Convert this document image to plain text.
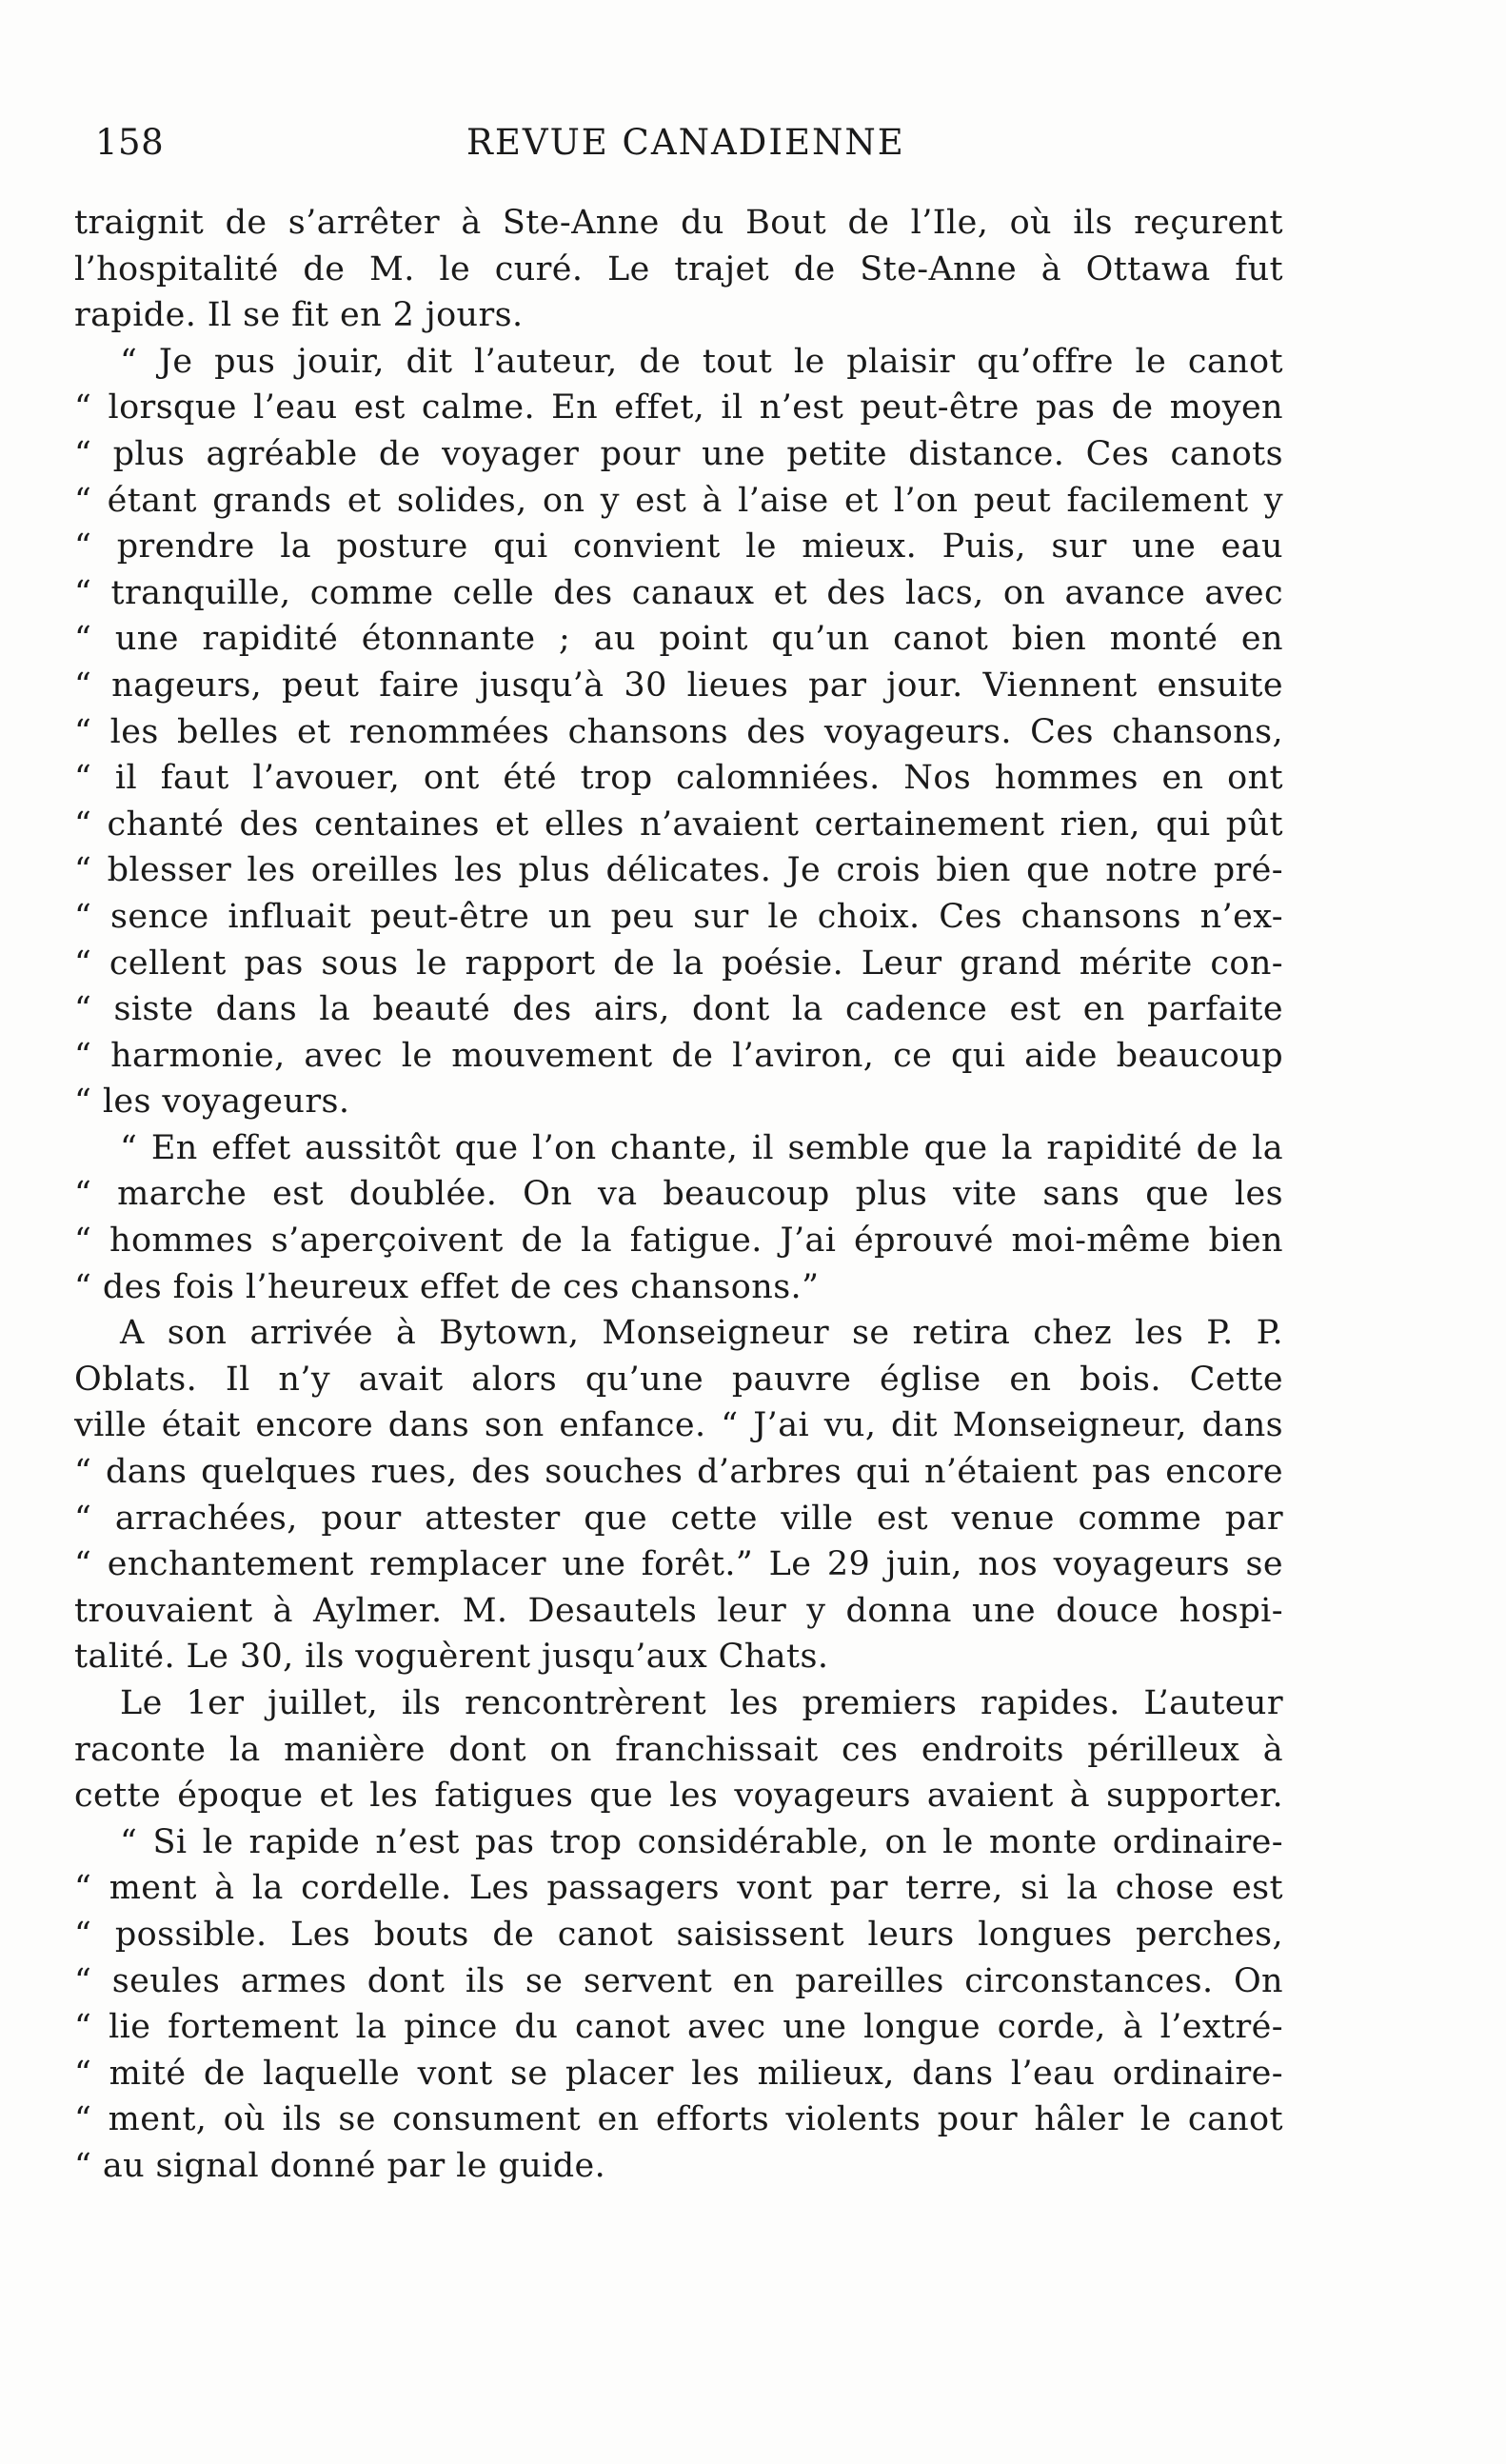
158	REVUE CANADIENNE
traignit de s’arrêter à Ste-Anne du Bout de l’Ile, où ils reçurent
l’hospitalité de M. le curé. Le trajet de Ste-Anne à Ottawa fut
rapide. Il se fit en 2 jours.
“ Je pus jouir, dit l’auteur, de tout le plaisir qu’offre le canot
“ lorsque l’eau est calme. En effet, il n’est peut-être pas de moyen
“ plus agréable de voyager pour une petite distance. Ces canots
“ étant grands et solides, on y est à l’aise et l’on peut facilement y
“ prendre la posture qui convient le mieux. Puis, sur une eau
“ tranquille, comme celle des canaux et des lacs, on avance avec
“ une rapidité étonnante ; au point qu’un canot bien monté en
“ nageurs, peut faire jusqu’à 30 lieues par jour. Viennent ensuite
“ les belles et renommées chansons des voyageurs. Ces chansons,
“ il faut l’avouer, ont été trop calomniées. Nos hommes en ont
“ chanté des centaines et elles n’avaient certainement rien, qui pût
“ blesser les oreilles les plus délicates. Je crois bien que notre pré-
“ sence influait peut-être un peu sur le choix. Ces chansons n’ex-
“ cellent pas sous le rapport de la poésie. Leur grand mérite con-
“ siste dans la beauté des airs, dont la cadence est en parfaite
“ harmonie, avec le mouvement de l’aviron, ce qui aide beaucoup
“ les voyageurs.
“ En effet aussitôt que l’on chante, il semble que la rapidité de la
“ marche est doublée. On va beaucoup plus vite sans que les
“ hommes s’aperçoivent de la fatigue. J’ai éprouvé moi-même bien
“ des fois l’heureux effet de ces chansons.”
A son arrivée à Bytown, Monseigneur se retira chez les P. P.
Oblats. Il n’y avait alors qu’une pauvre église en bois. Cette
ville était encore dans son enfance. “ J’ai vu, dit Monseigneur, dans
“ dans quelques rues, des souches d’arbres qui n’étaient pas encore
“ arrachées, pour attester que cette ville est venue comme par
“ enchantement remplacer une forêt.” Le 29 juin, nos voyageurs se
trouvaient à Aylmer. M. Desautels leur y donna une douce hospi-
talité. Le 30, ils voguèrent jusqu’aux Chats.
Le 1er juillet, ils rencontrèrent les premiers rapides. L’auteur
raconte la manière dont on franchissait ces endroits périlleux à
cette époque et les fatigues que les voyageurs avaient à supporter.
“ Si le rapide n’est pas trop considérable, on le monte ordinaire-
“ ment à la cordelle. Les passagers vont par terre, si la chose est
“ possible. Les bouts de canot saisissent leurs longues perches,
“ seules armes dont ils se servent en pareilles circonstances. On
“ lie fortement la pince du canot avec une longue corde, à l’extré-
“ mité de laquelle vont se placer les milieux, dans l’eau ordinaire-
“ ment, où ils se consument en efforts violents pour hâler le canot
“ au signal donné par le guide.
